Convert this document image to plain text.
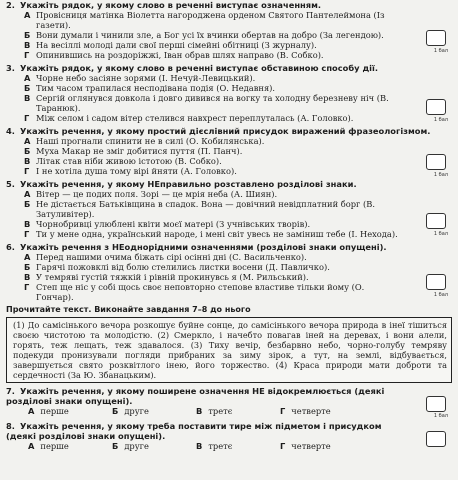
2. Укажіть рядок, у якому слово в реченні виступає означенням.
А Провісниця матінка Віолетта нагороджена орденом Святого Пантелеймона (Із газети).
Б Вони думали і чинили зле, а Бог усі їх вчинки обертав на добро (За легендою).
В На весіллі молоді дали свої перші сімейні обітниці (З журналу).
Г Опинившись на роздоріжжі, Іван обрав шлях направо (В. Собко).	1 бал
3. Укажіть рядок, у якому слово в реченні виступає обставиною способу дії.
А Чорне небо засіяне зорями (І. Нечуй-Левицький).
Б Тим часом трапилася несподівана подія (О. Недавня).
В Сергій оглянувся довкола і довго дивився на вогку та холодну березневу ніч (В. Таранюк).
Г Між селом і садом вітер стелився навхрест переплуталась (А. Головко).	1 бал
4. Укажіть речення, у якому простий дієслівний присудок виражений фразеологізмом.
А Наші прогнали спинити не в силі (О. Кобилянська).
Б Муха Макар не зміг добитися пуття (П. Панч).
В Літак став ніби живою істотою (В. Собко).
Г І не хотіла душа тому вірі йняти (А. Головко).	1 бал
5. Укажіть речення, у якому НЕправильно розставлено розділові знаки.
А Вітер — це подих поля. Зорі — це мрія неба (А. Шиян).
Б Не дістається Батьківщина в спадок. Вона — довічний невідплатний борг (В. Затуливітер).
В Чорнобривці улюблені квіти моєї матері (З учнівських творів).
Г Ти у мене одна, український народе, і мені світ увесь не заміниш тебе (І. Нехода).	1 бал
6. Укажіть речення з НЕоднорідними означеннями (розділові знаки опущені).
А Перед нашими очима біжать сірі осінні дні (С. Васильченко).
Б Гарячі пожовклі від болю стелились листки восени (Д. Павличко).
В У темряві густій тяжкій і рівній прокинувсь я (М. Рильський).
Г Степ ще ніс у собі щось своє неповторно степове властиве тільки йому (О. Гончар).	1 бал
Прочитайте текст. Виконайте завдання 7–8 до нього
(1) До самісінького вечора розкошує буйне сонце, до самісінького вечора природа в інеї тішиться своєю чистотою та молодістю. (2) Смеркло, і начебто повагав іней на деревах, і вони алели, горять, теж лещать, теж здавалося. (3) Тиху вечір, безбарвно небо, чорно-голубу темряву подекуди пронизували погляди прибраних за зиму зірок, а тут, на землі, відбувається, завершується свято розквітлого інею, його торжество. (4) Краса природи мати доброти та сердечності (За Ю. Збанацьким).
7. Укажіть речення, у якому поширене означення НЕ відокремлюється (деякі розділові знаки опущені).
А перше	Б друге	В третє	Г четверте	1 бал
8. Укажіть речення, у якому треба поставити тире між підметом і присудком (деякі розділові знаки опущені).
А перше	Б друге	В третє	Г четверте
